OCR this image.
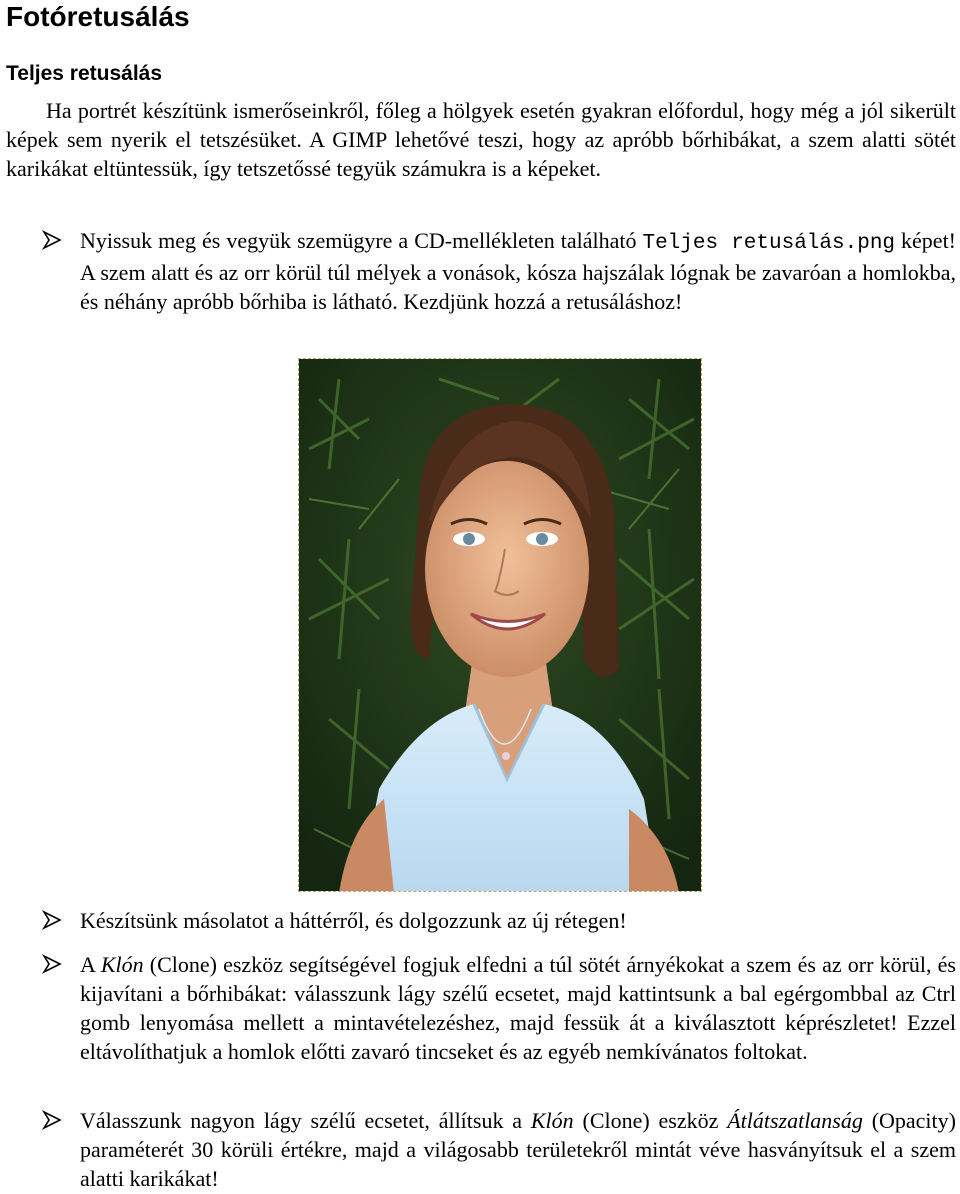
Fotóretusálás
Teljes retusálás

Ha portrét készítünk ismerőseinkről, főleg a hölgyek esetén gyakran előfordul, hogy még a jól sikerült képek sem nyerik el tetszésüket. A GIMP lehetővé teszi, hogy az apróbb bőrhibákat, a szem alatti sötét karikákat eltüntessük, így tetszetőssé tegyük számukra is a képeket.

Nyissuk meg és vegyük szemügyre a CD-mellékleten található Teljes retusálás.png képet! A szem alatt és az orr körül túl mélyek a vonások, kósza hajszálak lógnak be zavaróan a homlokba, és néhány apróbb bőrhiba is látható. Kezdjünk hozzá a retusáláshoz!
Készítsünk másolatot a háttérről, és dolgozzunk az új rétegen!
A Klón (Clone) eszköz segítségével fogjuk elfedni a túl sötét árnyékokat a szem és az orr körül, és kijavítani a bőrhibákat: válasszunk lágy szélű ecsetet, majd kattintsunk a bal egérgombbal az Ctrl gomb lenyomása mellett a mintavételezéshez, majd fessük át a kiválasztott képrészletet! Ezzel eltávolíthatjuk a homlok előtti zavaró tincseket és az egyéb nemkívánatos foltokat.
Válasszunk nagyon lágy szélű ecsetet, állítsuk a Klón (Clone) eszköz Átlátszatlanság (Opacity) paraméterét 30 körüli értékre, majd a világosabb területekről mintát véve hasványítsuk el a szem alatti karikákat!
